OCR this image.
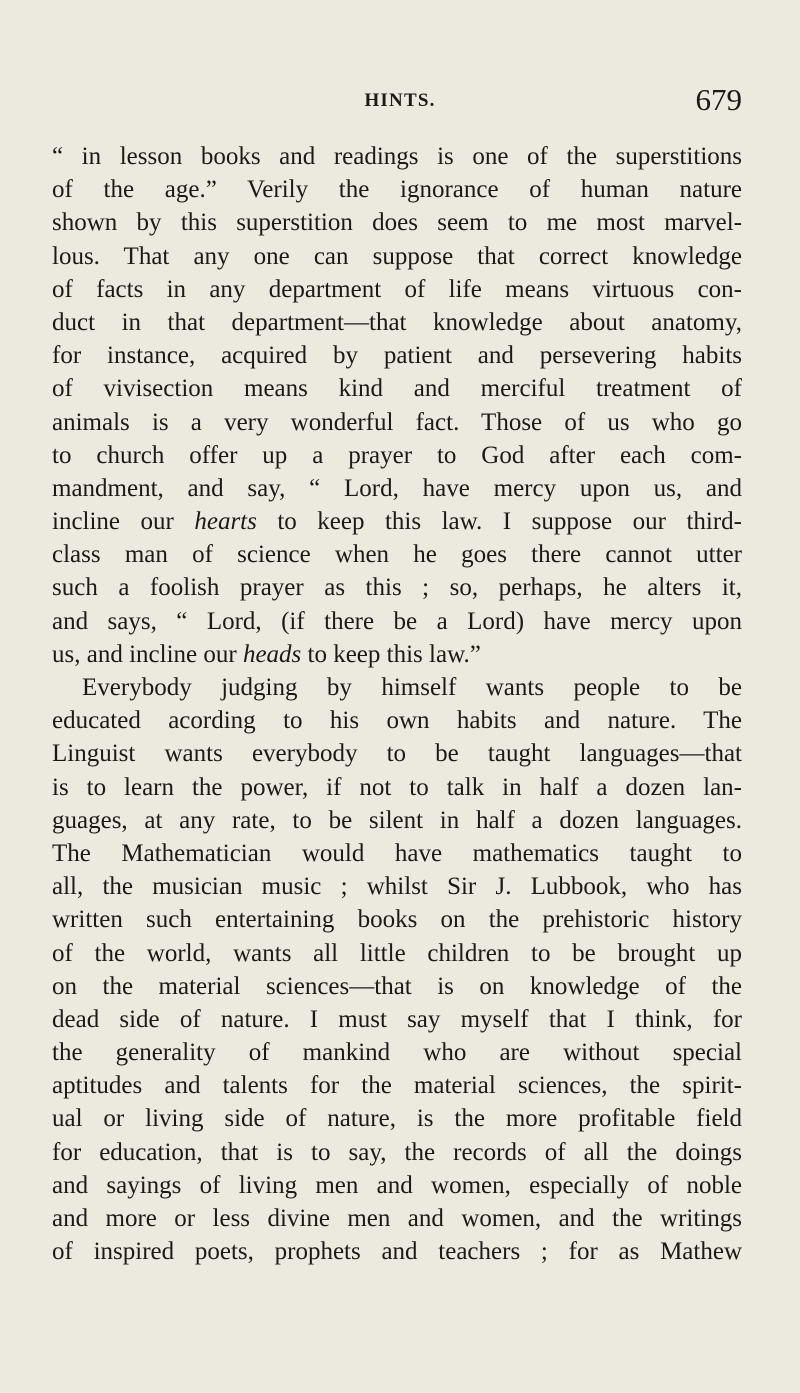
HINTS.	679
“ in lesson books and readings is one of the superstitions
of the age.” Verily the ignorance of human nature
shown by this superstition does seem to me most marvel-
lous. That any one can suppose that correct knowledge
of facts in any department of life means virtuous con-
duct in that department—that knowledge about anatomy,
for instance, acquired by patient and persevering habits
of vivisection means kind and merciful treatment of
animals is a very wonderful fact. Those of us who go
to church offer up a prayer to God after each com-
mandment, and say, “ Lord, have mercy upon us, and
incline our hearts to keep this law. I suppose our third-
class man of science when he goes there cannot utter
such a foolish prayer as this ; so, perhaps, he alters it,
and says, “ Lord, (if there be a Lord) have mercy upon
us, and incline our heads to keep this law.”
Everybody judging by himself wants people to be
educated acording to his own habits and nature. The
Linguist wants everybody to be taught languages—that
is to learn the power, if not to talk in half a dozen lan-
guages, at any rate, to be silent in half a dozen languages.
The Mathematician would have mathematics taught to
all, the musician music ; whilst Sir J. Lubbook, who has
written such entertaining books on the prehistoric history
of the world, wants all little children to be brought up
on the material sciences—that is on knowledge of the
dead side of nature. I must say myself that I think, for
the generality of mankind who are without special
aptitudes and talents for the material sciences, the spirit-
ual or living side of nature, is the more profitable field
for education, that is to say, the records of all the doings
and sayings of living men and women, especially of noble
and more or less divine men and women, and the writings
of inspired poets, prophets and teachers ; for as Mathew
